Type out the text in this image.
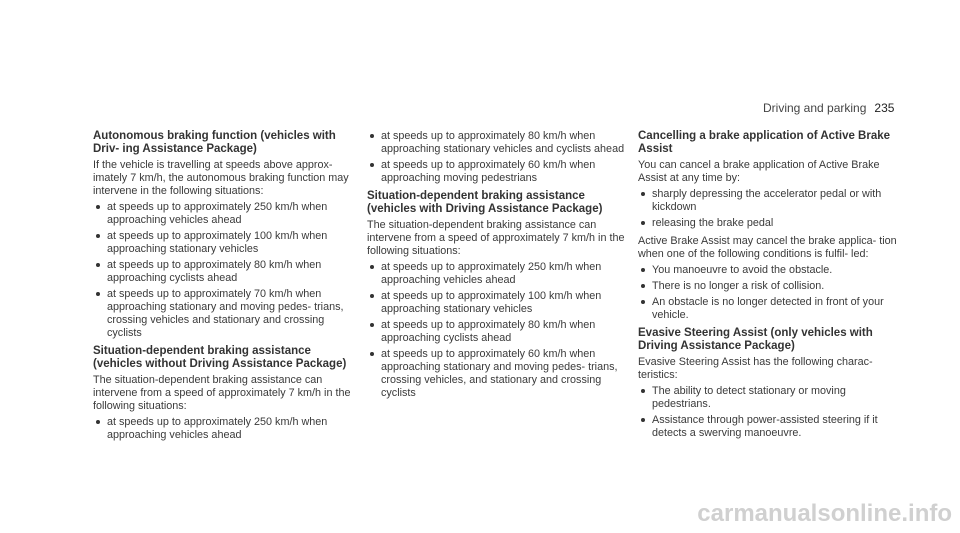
Driving and parking 235
Autonomous braking function (vehicles with Driv‑ ing Assistance Package)

If the vehicle is travelling at speeds above approx‑ imately 7 km/h, the autonomous braking function may intervene in the following situations:

at speeds up to approximately 250 km/h when approaching vehicles ahead
at speeds up to approximately 100 km/h when approaching stationary vehicles
at speeds up to approximately 80 km/h when approaching cyclists ahead
at speeds up to approximately 70 km/h when approaching stationary and moving pedes‑ trians, crossing vehicles and stationary and crossing cyclists
Situation-dependent braking assistance (vehicles without Driving Assistance Package)

The situation-dependent braking assistance can intervene from a speed of approximately 7 km/h in the following situations:

at speeds up to approximately 250 km/h when approaching vehicles ahead
at speeds up to approximately 80 km/h when approaching stationary vehicles and cyclists ahead
at speeds up to approximately 60 km/h when approaching moving pedestrians
Situation-dependent braking assistance (vehicles with Driving Assistance Package)

The situation-dependent braking assistance can intervene from a speed of approximately 7 km/h in the following situations:

at speeds up to approximately 250 km/h when approaching vehicles ahead
at speeds up to approximately 100 km/h when approaching stationary vehicles
at speeds up to approximately 80 km/h when approaching cyclists ahead
at speeds up to approximately 60 km/h when approaching stationary and moving pedes‑ trians, crossing vehicles, and stationary and crossing cyclists
Cancelling a brake application of Active Brake Assist

You can cancel a brake application of Active Brake Assist at any time by:

sharply depressing the accelerator pedal or with kickdown
releasing the brake pedal

Active Brake Assist may cancel the brake applica‑ tion when one of the following conditions is fulfil‑ led:

You manoeuvre to avoid the obstacle.
There is no longer a risk of collision.
An obstacle is no longer detected in front of your vehicle.
Evasive Steering Assist (only vehicles with Driving Assistance Package)

Evasive Steering Assist has the following charac‑ teristics:

The ability to detect stationary or moving pedestrians.
Assistance through power-assisted steering if it detects a swerving manoeuvre.
carmanualsonline.info
